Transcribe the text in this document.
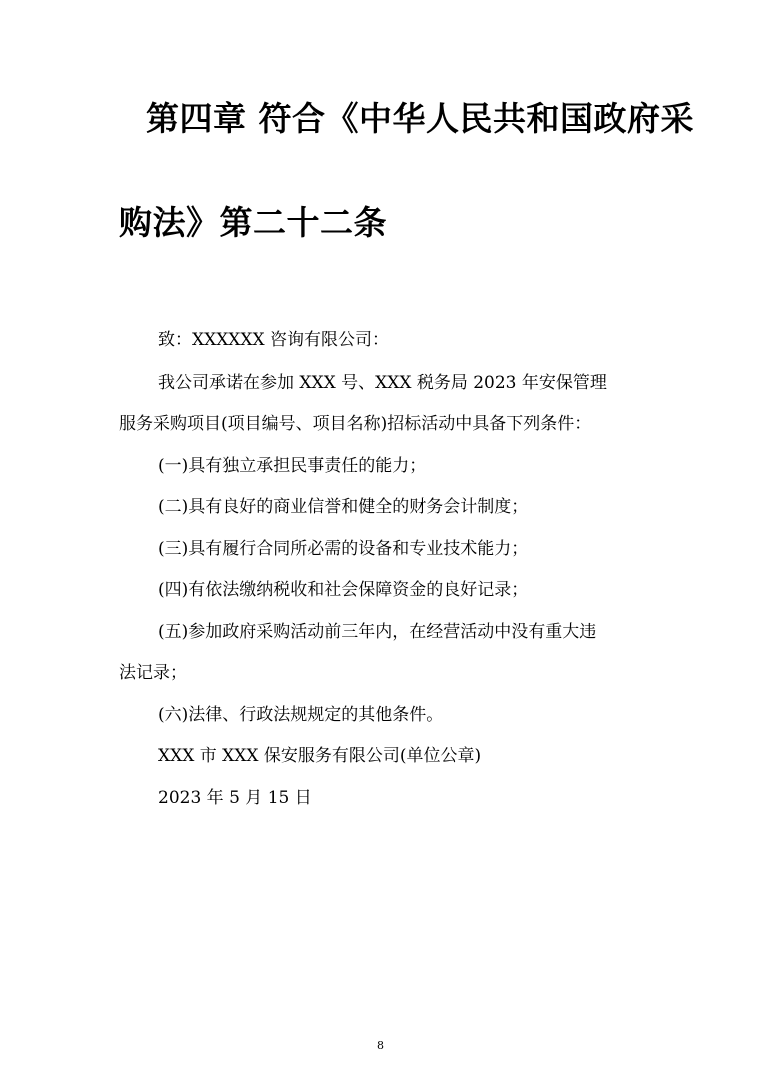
第四章 符合《中华人民共和国政府采
购法》第二十二条
致：XXXXXX 咨询有限公司：
我公司承诺在参加 XXX 号、XXX 税务局 2023 年安保管理
服务采购项目(项目编号、项目名称)招标活动中具备下列条件：
(一)具有独立承担民事责任的能力；
(二)具有良好的商业信誉和健全的财务会计制度；
(三)具有履行合同所必需的设备和专业技术能力；
(四)有依法缴纳税收和社会保障资金的良好记录；
(五)参加政府采购活动前三年内，在经营活动中没有重大违
法记录；
(六)法律、行政法规规定的其他条件。
XXX 市 XXX 保安服务有限公司(单位公章)
2023 年 5 月 15 日
8
